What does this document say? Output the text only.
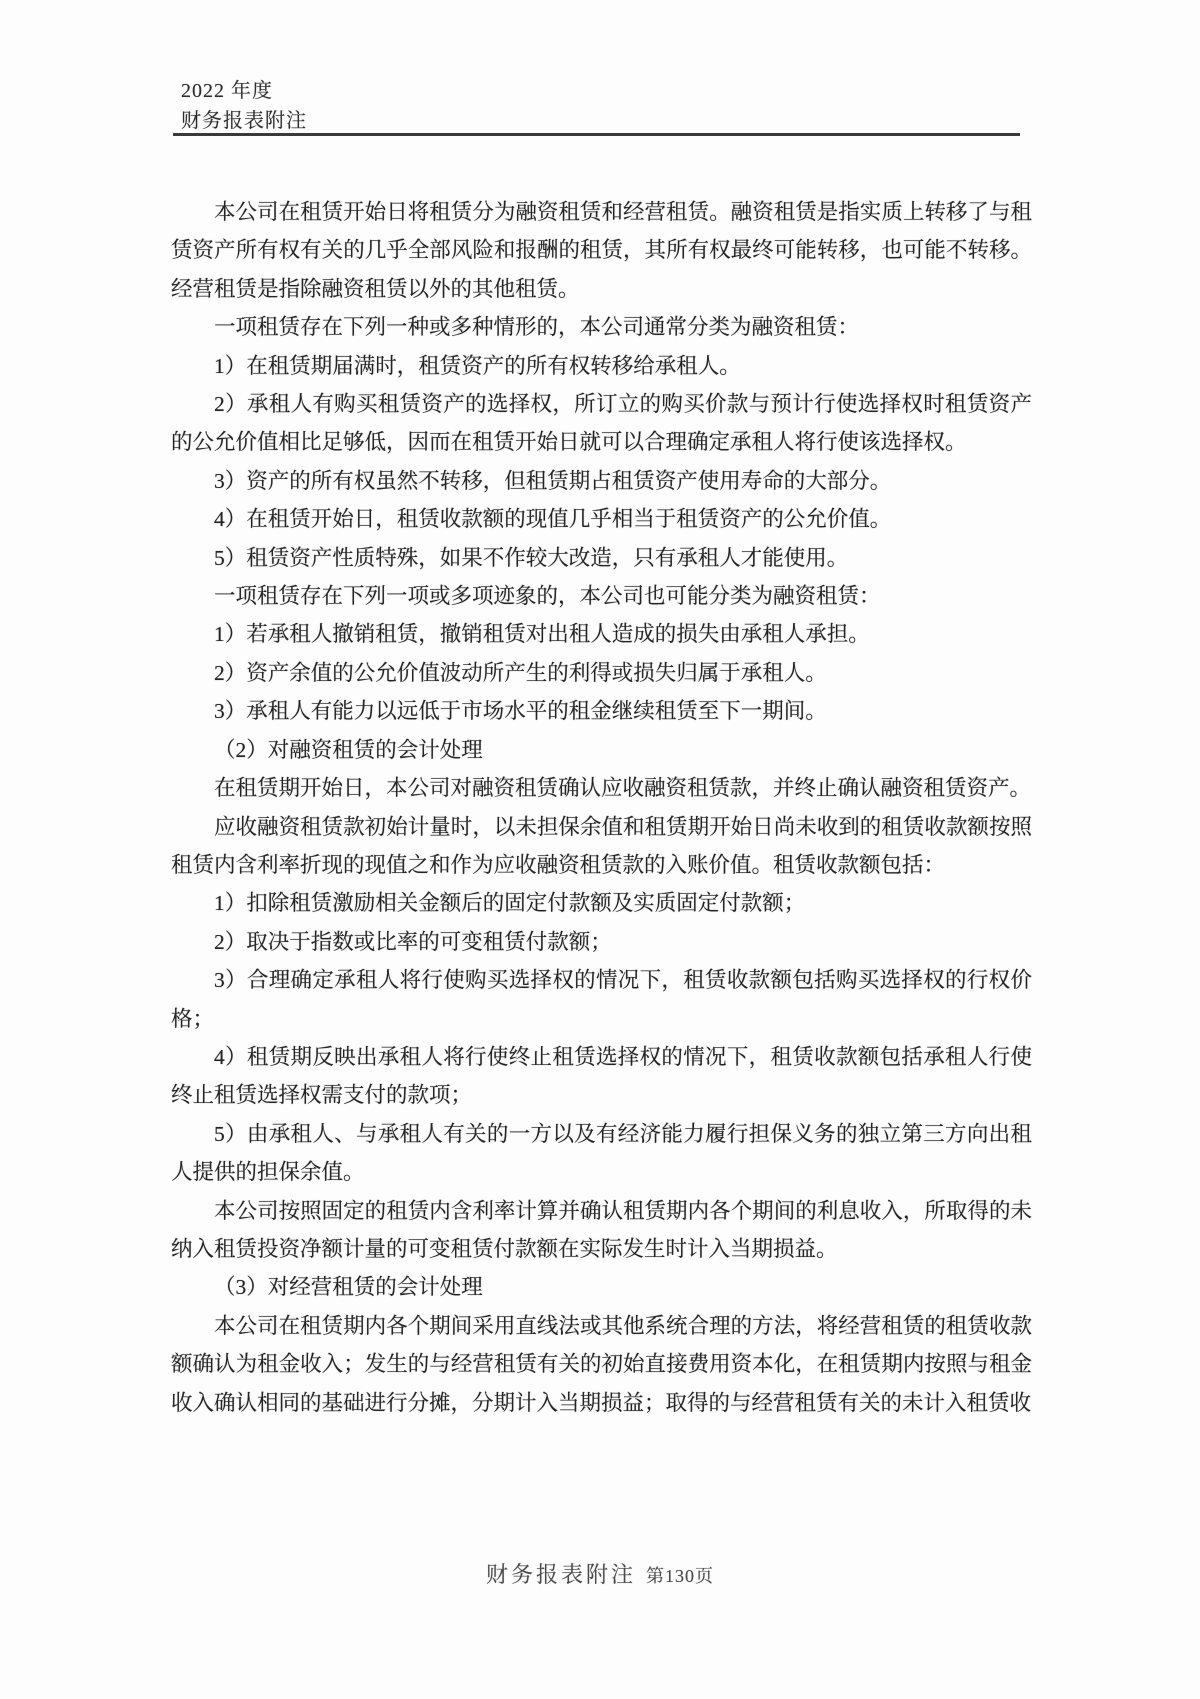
2022 年度
财务报表附注

本公司在租赁开始日将租赁分为融资租赁和经营租赁。融资租赁是指实质上转移了与租赁资产所有权有关的几乎全部风险和报酬的租赁，其所有权最终可能转移，也可能不转移。经营租赁是指除融资租赁以外的其他租赁。

一项租赁存在下列一种或多种情形的，本公司通常分类为融资租赁：

1）在租赁期届满时，租赁资产的所有权转移给承租人。

2）承租人有购买租赁资产的选择权，所订立的购买价款与预计行使选择权时租赁资产的公允价值相比足够低，因而在租赁开始日就可以合理确定承租人将行使该选择权。

3）资产的所有权虽然不转移，但租赁期占租赁资产使用寿命的大部分。

4）在租赁开始日，租赁收款额的现值几乎相当于租赁资产的公允价值。

5）租赁资产性质特殊，如果不作较大改造，只有承租人才能使用。

一项租赁存在下列一项或多项迹象的，本公司也可能分类为融资租赁：

1）若承租人撤销租赁，撤销租赁对出租人造成的损失由承租人承担。

2）资产余值的公允价值波动所产生的利得或损失归属于承租人。

3）承租人有能力以远低于市场水平的租金继续租赁至下一期间。

（2）对融资租赁的会计处理

在租赁期开始日，本公司对融资租赁确认应收融资租赁款，并终止确认融资租赁资产。

应收融资租赁款初始计量时，以未担保余值和租赁期开始日尚未收到的租赁收款额按照租赁内含利率折现的现值之和作为应收融资租赁款的入账价值。租赁收款额包括：

1）扣除租赁激励相关金额后的固定付款额及实质固定付款额；

2）取决于指数或比率的可变租赁付款额；

3）合理确定承租人将行使购买选择权的情况下，租赁收款额包括购买选择权的行权价格；

4）租赁期反映出承租人将行使终止租赁选择权的情况下，租赁收款额包括承租人行使终止租赁选择权需支付的款项；

5）由承租人、与承租人有关的一方以及有经济能力履行担保义务的独立第三方向出租人提供的担保余值。

本公司按照固定的租赁内含利率计算并确认租赁期内各个期间的利息收入，所取得的未纳入租赁投资净额计量的可变租赁付款额在实际发生时计入当期损益。

（3）对经营租赁的会计处理

本公司在租赁期内各个期间采用直线法或其他系统合理的方法，将经营租赁的租赁收款额确认为租金收入；发生的与经营租赁有关的初始直接费用资本化，在租赁期内按照与租金收入确认相同的基础进行分摊，分期计入当期损益；取得的与经营租赁有关的未计入租赁收

财务报表附注 第130页
